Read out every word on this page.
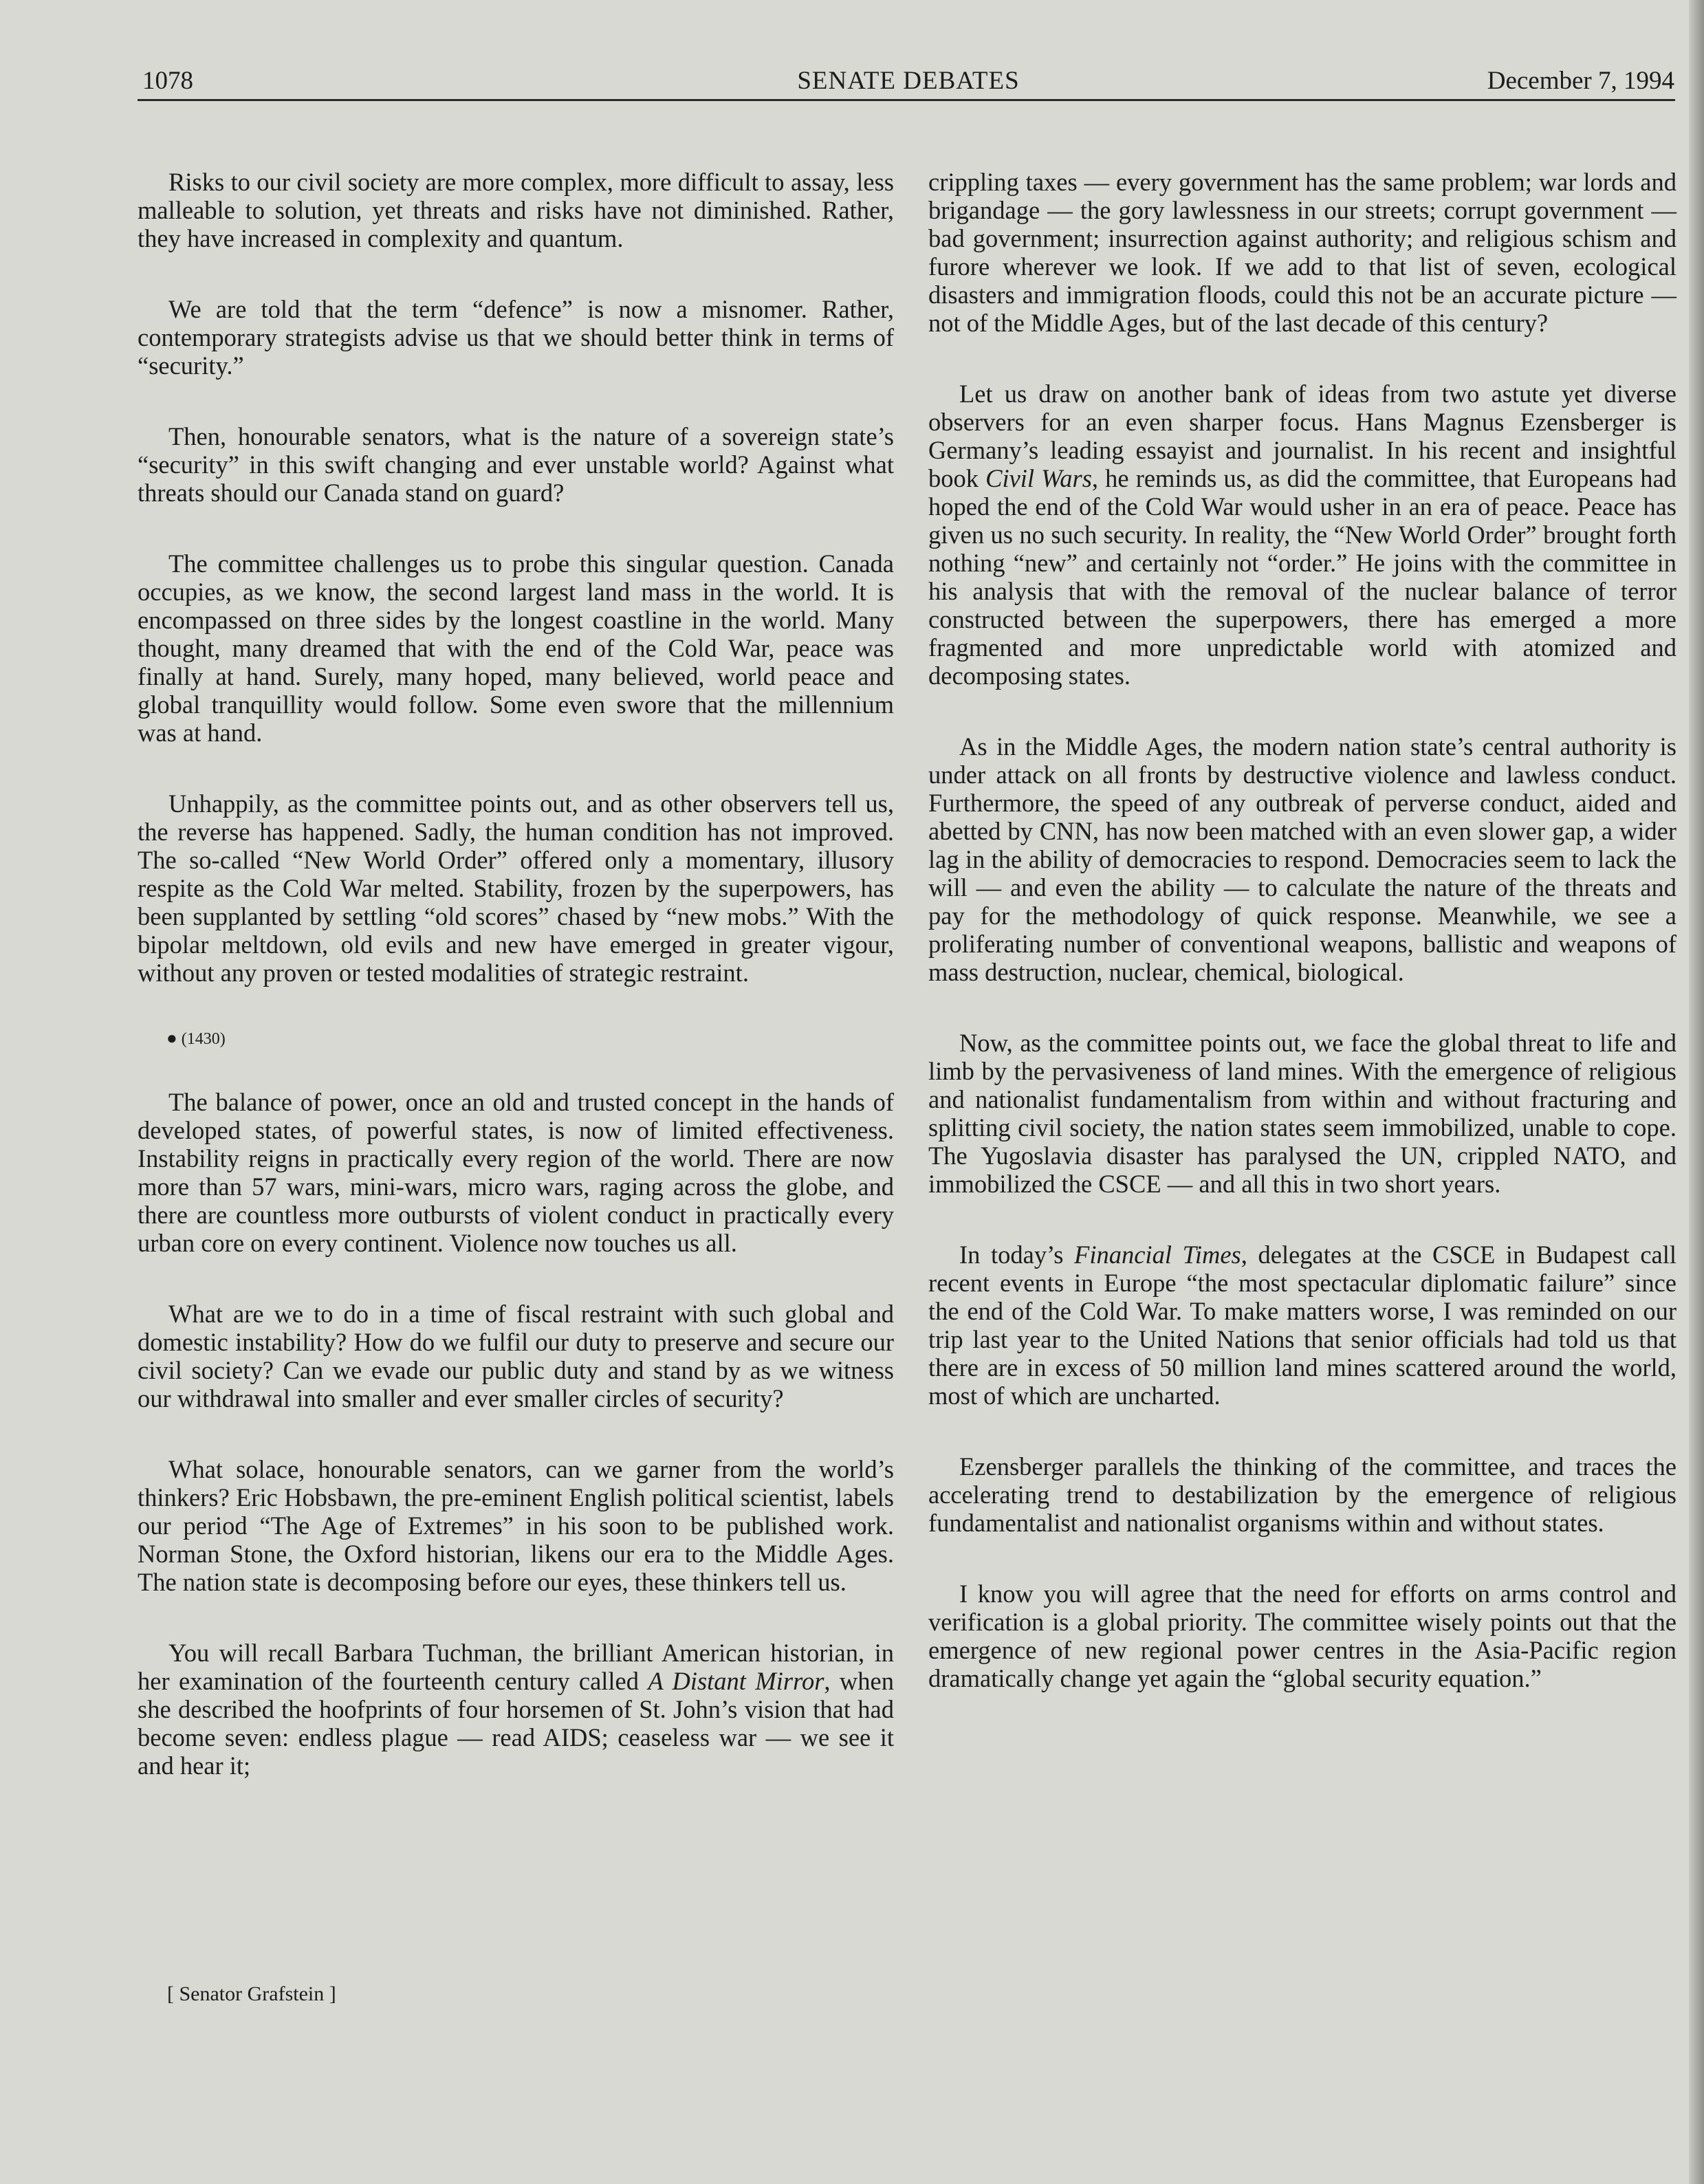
1078	SENATE DEBATES	December 7, 1994

Risks to our civil society are more complex, more difficult to assay, less malleable to solution, yet threats and risks have not diminished. Rather, they have increased in complexity and quantum.

We are told that the term “defence” is now a misnomer. Rather, contemporary strategists advise us that we should better think in terms of “security.”

Then, honourable senators, what is the nature of a sovereign state’s “security” in this swift changing and ever unstable world? Against what threats should our Canada stand on guard?

The committee challenges us to probe this singular question. Canada occupies, as we know, the second largest land mass in the world. It is encompassed on three sides by the longest coastline in the world. Many thought, many dreamed that with the end of the Cold War, peace was finally at hand. Surely, many hoped, many believed, world peace and global tranquillity would follow. Some even swore that the millennium was at hand.

Unhappily, as the committee points out, and as other observers tell us, the reverse has happened. Sadly, the human condition has not improved. The so-called “New World Order” offered only a momentary, illusory respite as the Cold War melted. Stability, frozen by the superpowers, has been supplanted by settling “old scores” chased by “new mobs.” With the bipolar meltdown, old evils and new have emerged in greater vigour, without any proven or tested modalities of strategic restraint.

● (1430)

The balance of power, once an old and trusted concept in the hands of developed states, of powerful states, is now of limited effectiveness. Instability reigns in practically every region of the world. There are now more than 57 wars, mini-wars, micro wars, raging across the globe, and there are countless more outbursts of violent conduct in practically every urban core on every continent. Violence now touches us all.

What are we to do in a time of fiscal restraint with such global and domestic instability? How do we fulfil our duty to preserve and secure our civil society? Can we evade our public duty and stand by as we witness our withdrawal into smaller and ever smaller circles of security?

What solace, honourable senators, can we garner from the world’s thinkers? Eric Hobsbawn, the pre-eminent English political scientist, labels our period “The Age of Extremes” in his soon to be published work. Norman Stone, the Oxford historian, likens our era to the Middle Ages. The nation state is decomposing before our eyes, these thinkers tell us.

You will recall Barbara Tuchman, the brilliant American historian, in her examination of the fourteenth century called A Distant Mirror, when she described the hoofprints of four horsemen of St. John’s vision that had become seven: endless plague — read AIDS; ceaseless war — we see it and hear it;

crippling taxes — every government has the same problem; war lords and brigandage — the gory lawlessness in our streets; corrupt government — bad government; insurrection against authority; and religious schism and furore wherever we look. If we add to that list of seven, ecological disasters and immigration floods, could this not be an accurate picture — not of the Middle Ages, but of the last decade of this century?

Let us draw on another bank of ideas from two astute yet diverse observers for an even sharper focus. Hans Magnus Ezensberger is Germany’s leading essayist and journalist. In his recent and insightful book Civil Wars, he reminds us, as did the committee, that Europeans had hoped the end of the Cold War would usher in an era of peace. Peace has given us no such security. In reality, the “New World Order” brought forth nothing “new” and certainly not “order.” He joins with the committee in his analysis that with the removal of the nuclear balance of terror constructed between the superpowers, there has emerged a more fragmented and more unpredictable world with atomized and decomposing states.

As in the Middle Ages, the modern nation state’s central authority is under attack on all fronts by destructive violence and lawless conduct. Furthermore, the speed of any outbreak of perverse conduct, aided and abetted by CNN, has now been matched with an even slower gap, a wider lag in the ability of democracies to respond. Democracies seem to lack the will — and even the ability — to calculate the nature of the threats and pay for the methodology of quick response. Meanwhile, we see a proliferating number of conventional weapons, ballistic and weapons of mass destruction, nuclear, chemical, biological.

Now, as the committee points out, we face the global threat to life and limb by the pervasiveness of land mines. With the emergence of religious and nationalist fundamentalism from within and without fracturing and splitting civil society, the nation states seem immobilized, unable to cope. The Yugoslavia disaster has paralysed the UN, crippled NATO, and immobilized the CSCE — and all this in two short years.

In today’s Financial Times, delegates at the CSCE in Budapest call recent events in Europe “the most spectacular diplomatic failure” since the end of the Cold War. To make matters worse, I was reminded on our trip last year to the United Nations that senior officials had told us that there are in excess of 50 million land mines scattered around the world, most of which are uncharted.

Ezensberger parallels the thinking of the committee, and traces the accelerating trend to destabilization by the emergence of religious fundamentalist and nationalist organisms within and without states.

I know you will agree that the need for efforts on arms control and verification is a global priority. The committee wisely points out that the emergence of new regional power centres in the Asia-Pacific region dramatically change yet again the “global security equation.”

[ Senator Grafstein ]
